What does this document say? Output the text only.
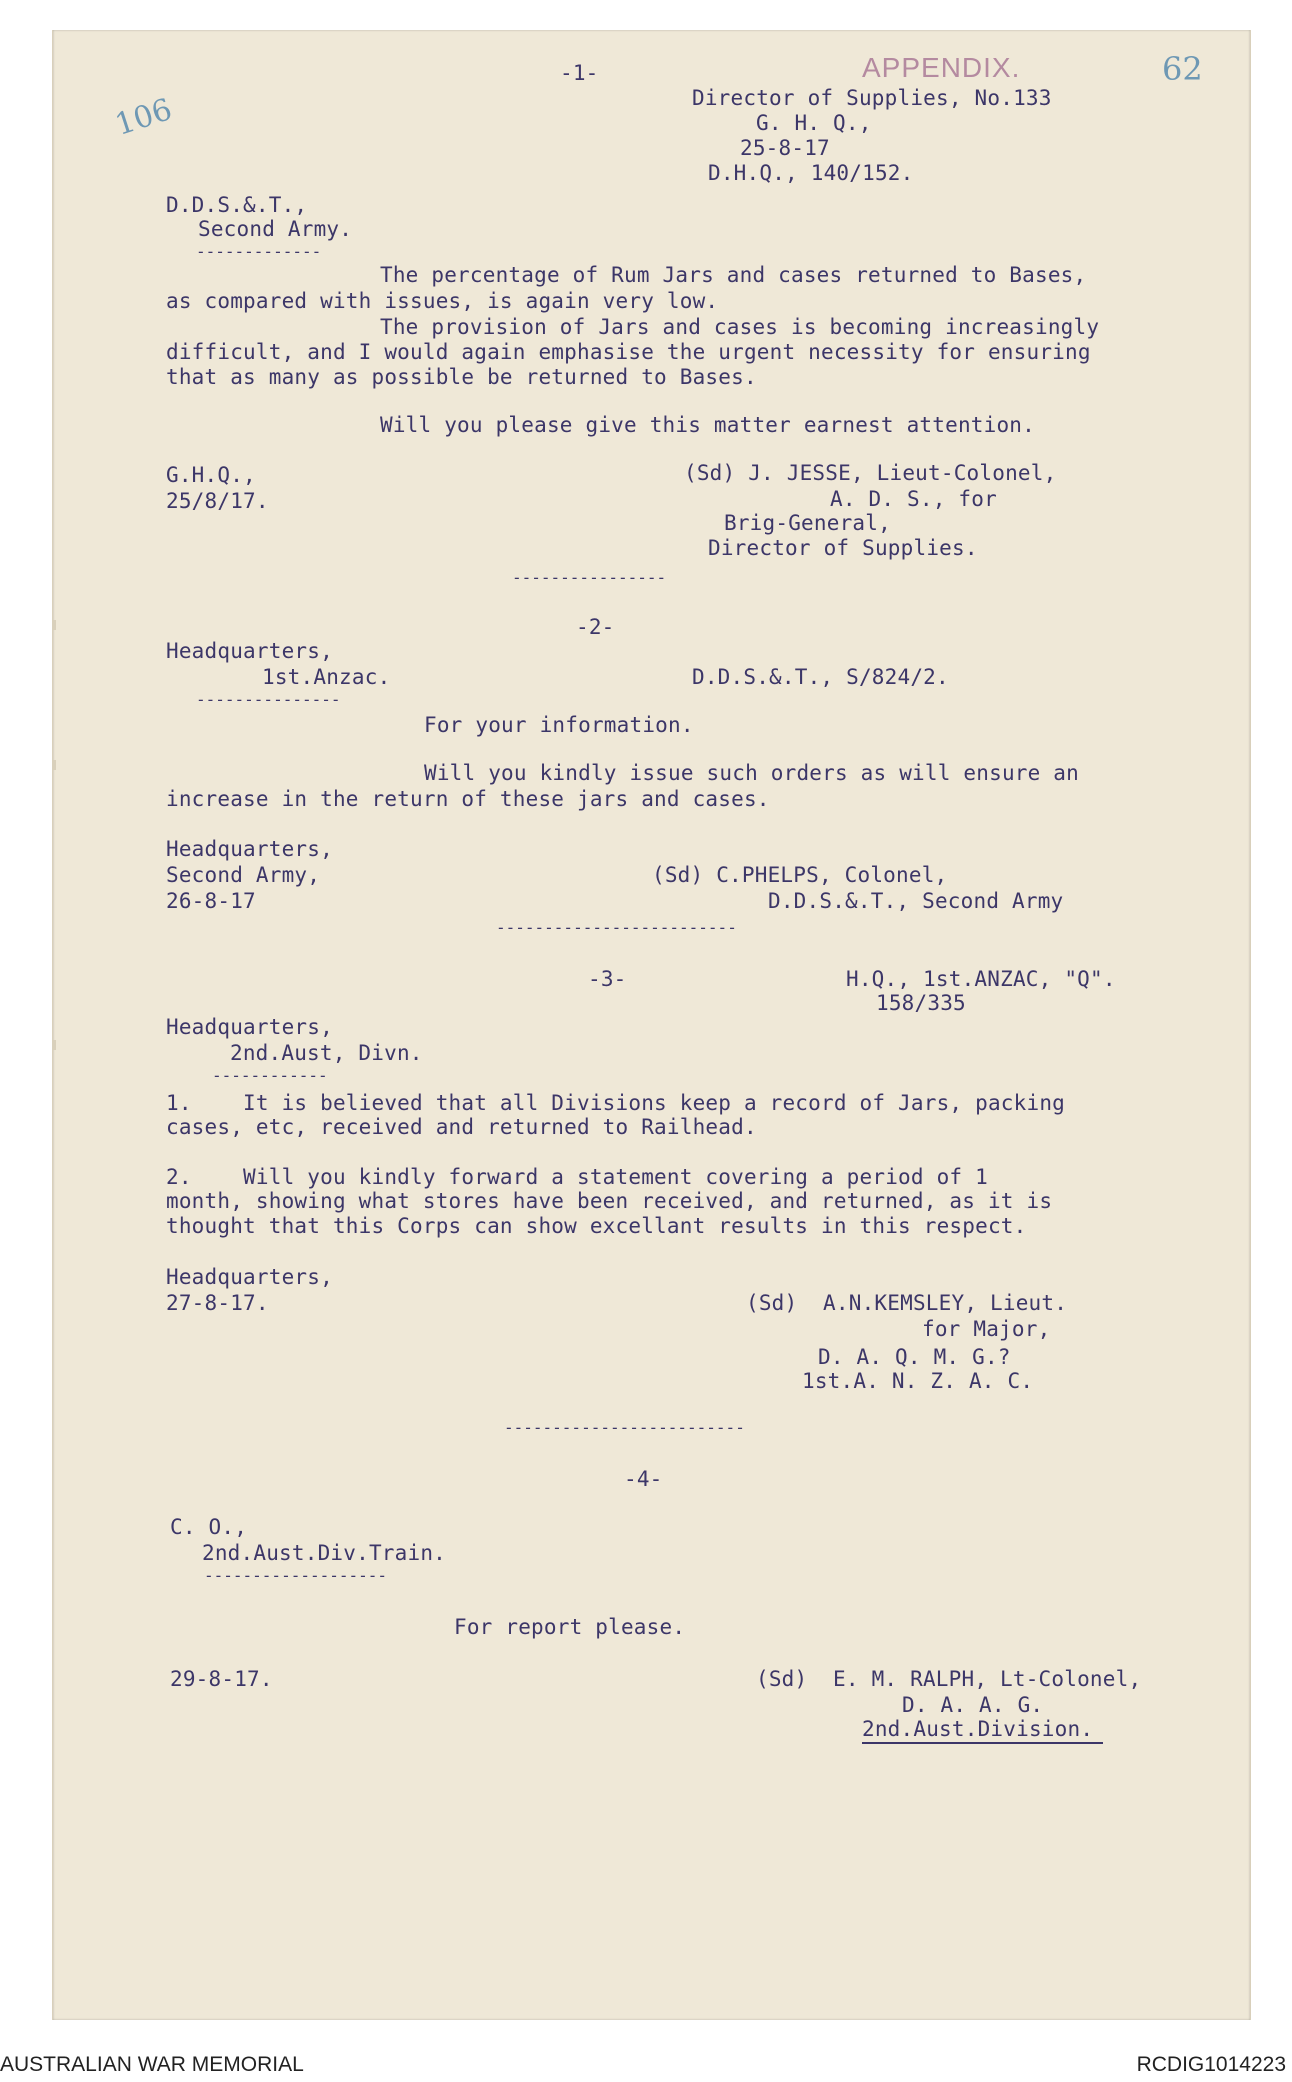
106
62
APPENDIX.
-1-
Director of Supplies, No.133
G. H. Q.,
25-8-17
D.H.Q., 140/152.
D.D.S.&.T.,
Second Army.
-------------
The percentage of Rum Jars and cases returned to Bases,
as compared with issues, is again very low.
The provision of Jars and cases is becoming increasingly
difficult, and I would again emphasise the urgent necessity for ensuring
that as many as possible be returned to Bases.
Will you please give this matter earnest attention.
G.H.Q.,
25/8/17.
(Sd) J. JESSE, Lieut-Colonel,
A. D. S., for
Brig-General,
Director of Supplies.
----------------
-2-
Headquarters,
1st.Anzac.	D.D.S.&.T., S/824/2.
---------------
For your information.
Will you kindly issue such orders as will ensure an
increase in the return of these jars and cases.
Headquarters,
Second Army,
26-8-17
(Sd) C.PHELPS, Colonel,
D.D.S.&.T., Second Army
-------------------------
-3-	H.Q., 1st.ANZAC, "Q".
158/335
Headquarters,
2nd.Aust, Divn.
------------
1.    It is believed that all Divisions keep a record of Jars, packing
cases, etc, received and returned to Railhead.
2.    Will you kindly forward a statement covering a period of 1
month, showing what stores have been received, and returned, as it is
thought that this Corps can show excellant results in this respect.
Headquarters,
27-8-17.	(Sd)  A.N.KEMSLEY, Lieut.
for Major,
D. A. Q. M. G.?
1st.A. N. Z. A. C.
-------------------------
-4-
C. O.,
2nd.Aust.Div.Train.
-------------------
For report please.
29-8-17.	(Sd)  E. M. RALPH, Lt-Colonel,
D. A. A. G.
2nd.Aust.Division.
AUSTRALIAN WAR MEMORIAL	RCDIG1014223
